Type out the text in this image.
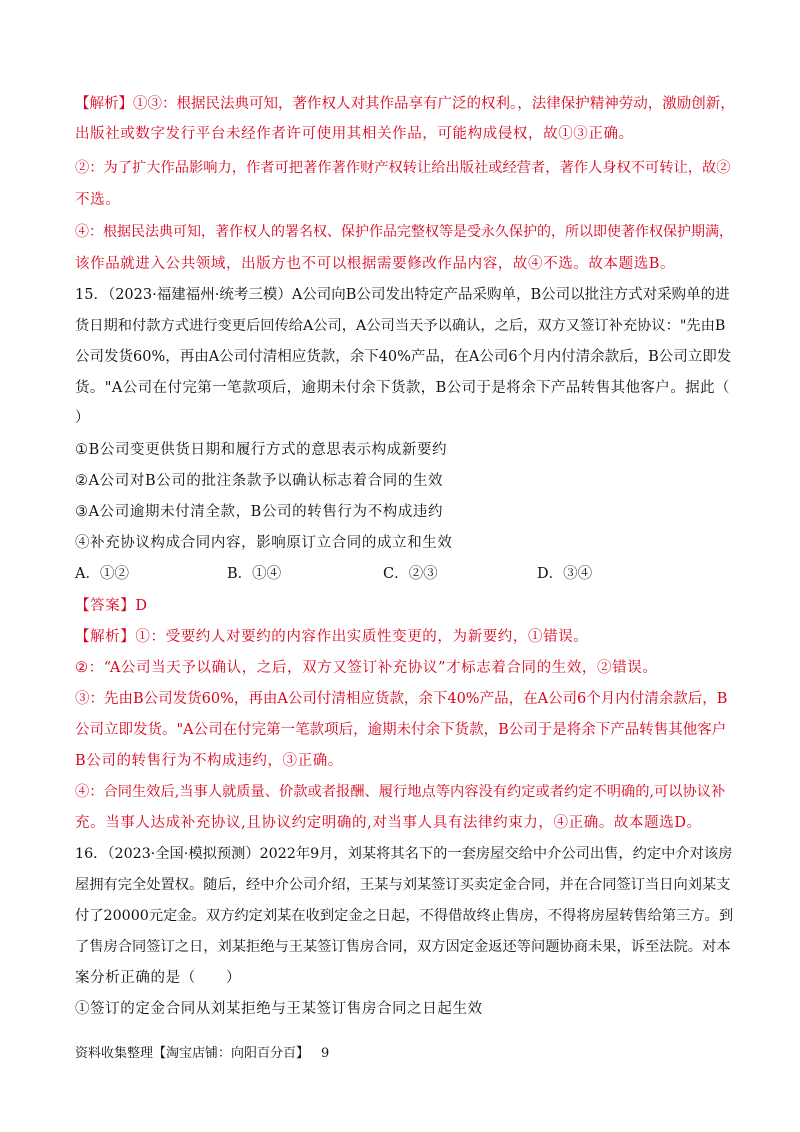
【解析】①③：根据民法典可知，著作权人对其作品享有广泛的权利。，法律保护精神劳动，激励创新，
出版社或数字发行平台未经作者许可使用其相关作品，可能构成侵权，故①③正确。
②：为了扩大作品影响力，作者可把著作著作财产权转让给出版社或经营者，著作人身权不可转让，故②
不选。
④：根据民法典可知，著作权人的署名权、保护作品完整权等是受永久保护的，所以即使著作权保护期满，
该作品就进入公共领域，出版方也不可以根据需要修改作品内容，故④不选。故本题选B。
15．（2023·福建福州·统考三模）A公司向B公司发出特定产品采购单，B公司以批注方式对采购单的进
货日期和付款方式进行变更后回传给A公司，A公司当天予以确认，之后，双方又签订补充协议："先由B
公司发货60%，再由A公司付清相应货款，余下40%产品，在A公司6个月内付清余款后，B公司立即发
货。"A公司在付完第一笔款项后，逾期未付余下货款，B公司于是将余下产品转售其他客户。据此（
）
①B公司变更供货日期和履行方式的意思表示构成新要约
②A公司对B公司的批注条款予以确认标志着合同的生效
③A公司逾期未付清全款，B公司的转售行为不构成违约
④补充协议构成合同内容，影响原订立合同的成立和生效
A．①②	B．①④	C．②③	D．③④
【答案】D
【解析】①：受要约人对要约的内容作出实质性变更的，为新要约，①错误。
②：“A公司当天予以确认，之后，双方又签订补充协议”才标志着合同的生效，②错误。
③：先由B公司发货60%，再由A公司付清相应货款，余下40%产品，在A公司6个月内付清余款后，B
公司立即发货。"A公司在付完第一笔款项后，逾期未付余下货款，B公司于是将余下产品转售其他客户
B公司的转售行为不构成违约，③正确。
④：合同生效后,当事人就质量、价款或者报酬、履行地点等内容没有约定或者约定不明确的,可以协议补
充。当事人达成补充协议,且协议约定明确的,对当事人具有法律约束力，④正确。故本题选D。
16．（2023·全国·模拟预测）2022年9月，刘某将其名下的一套房屋交给中介公司出售，约定中介对该房
屋拥有完全处置权。随后，经中介公司介绍，王某与刘某签订买卖定金合同，并在合同签订当日向刘某支
付了20000元定金。双方约定刘某在收到定金之日起，不得借故终止售房，不得将房屋转售给第三方。到
了售房合同签订之日，刘某拒绝与王某签订售房合同，双方因定金返还等问题协商未果，诉至法院。对本
案分析正确的是（　　）
①签订的定金合同从刘某拒绝与王某签订售房合同之日起生效
资料收集整理【淘宝店铺：向阳百分百】 9
